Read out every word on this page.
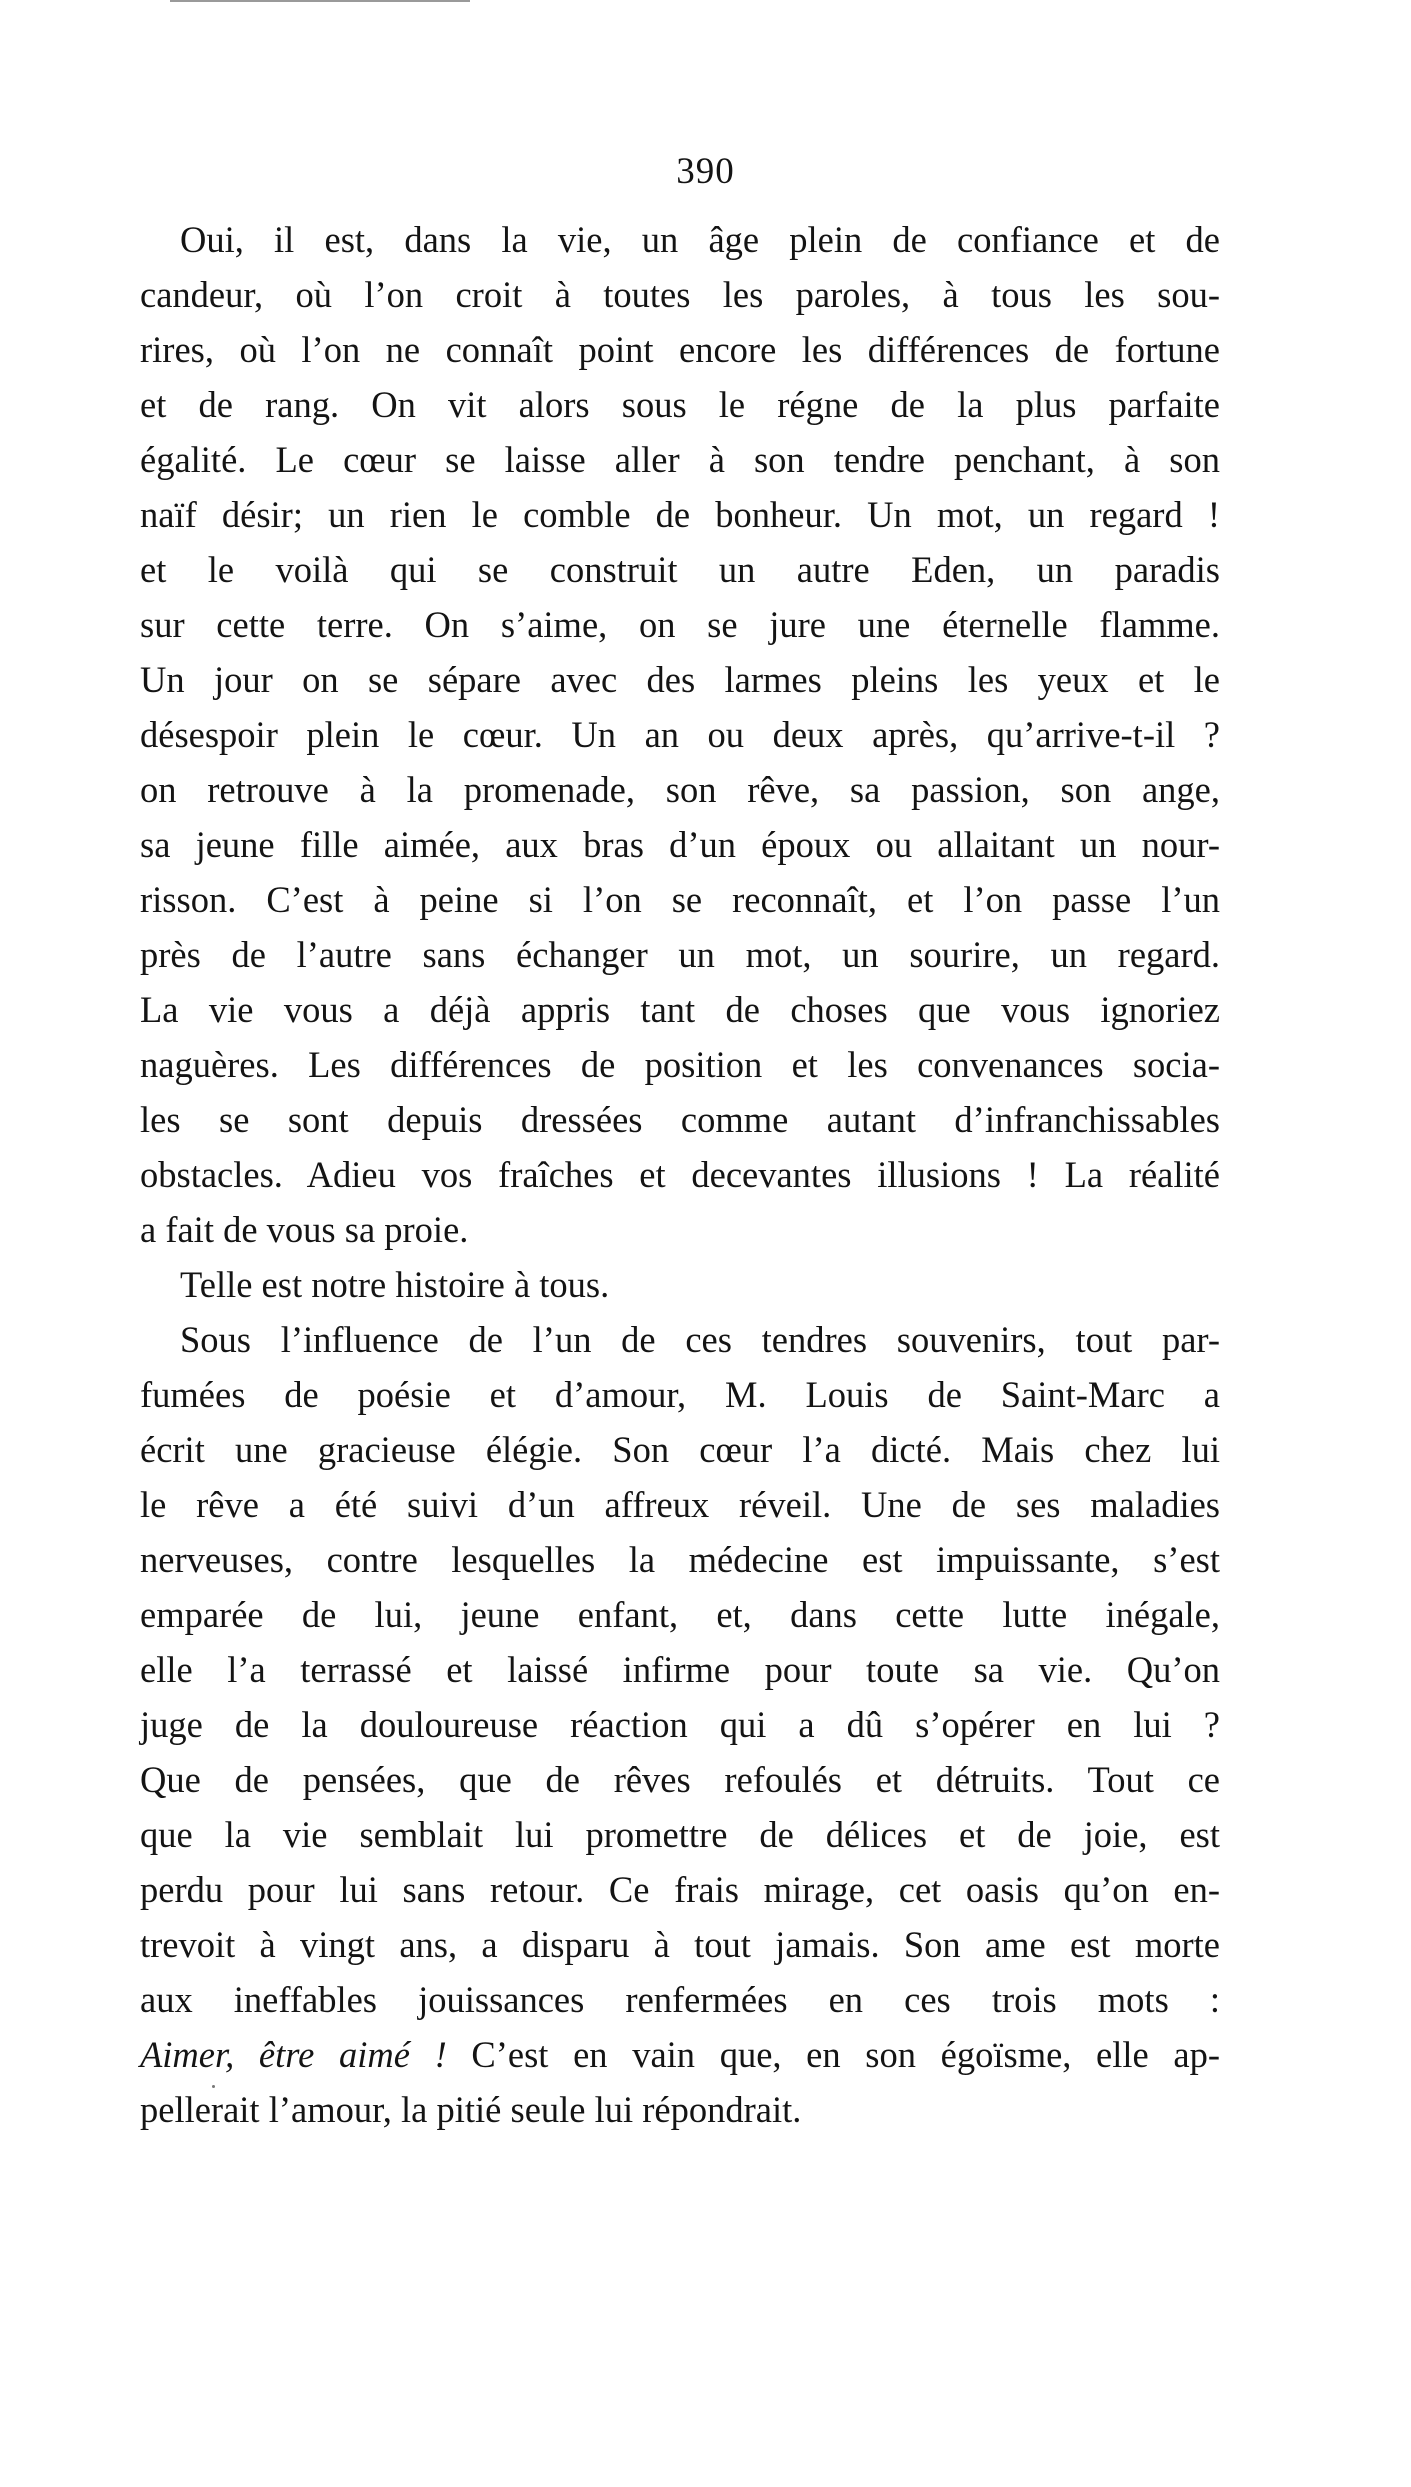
390
Oui, il est, dans la vie, un âge plein de confiance et de
candeur, où l’on croit à toutes les paroles, à tous les sou-
rires, où l’on ne connaît point encore les différences de fortune
et de rang. On vit alors sous le régne de la plus parfaite
égalité. Le cœur se laisse aller à son tendre penchant, à son
naïf désir; un rien le comble de bonheur. Un mot, un regard !
et le voilà qui se construit un autre Eden, un paradis
sur cette terre. On s’aime, on se jure une éternelle flamme.
Un jour on se sépare avec des larmes pleins les yeux et le
désespoir plein le cœur. Un an ou deux après, qu’arrive-t-il ?
on retrouve à la promenade, son rêve, sa passion, son ange,
sa jeune fille aimée, aux bras d’un époux ou allaitant un nour-
risson. C’est à peine si l’on se reconnaît, et l’on passe l’un
près de l’autre sans échanger un mot, un sourire, un regard.
La vie vous a déjà appris tant de choses que vous ignoriez
naguères. Les différences de position et les convenances socia-
les se sont depuis dressées comme autant d’infranchissables
obstacles. Adieu vos fraîches et decevantes illusions ! La réalité
a fait de vous sa proie.
Telle est notre histoire à tous.
Sous l’influence de l’un de ces tendres souvenirs, tout par-
fumées de poésie et d’amour, M. Louis de Saint-Marc a
écrit une gracieuse élégie. Son cœur l’a dicté. Mais chez lui
le rêve a été suivi d’un affreux réveil. Une de ses maladies
nerveuses, contre lesquelles la médecine est impuissante, s’est
emparée de lui, jeune enfant, et, dans cette lutte inégale,
elle l’a terrassé et laissé infirme pour toute sa vie. Qu’on
juge de la douloureuse réaction qui a dû s’opérer en lui ?
Que de pensées, que de rêves refoulés et détruits. Tout ce
que la vie semblait lui promettre de délices et de joie, est
perdu pour lui sans retour. Ce frais mirage, cet oasis qu’on en-
trevoit à vingt ans, a disparu à tout jamais. Son ame est morte
aux ineffables jouissances renfermées en ces trois mots :
Aimer, être aimé ! C’est en vain que, en son égoïsme, elle ap-
pellerait l’amour, la pitié seule lui répondrait.
